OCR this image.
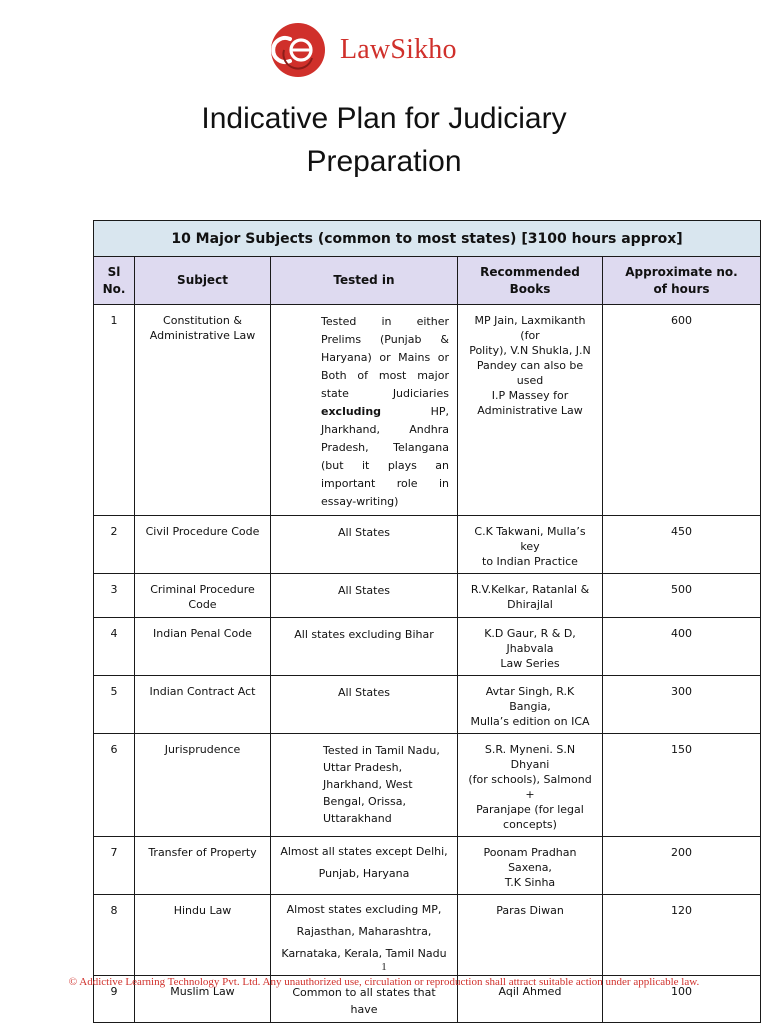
LawSikho
Indicative Plan for Judiciary
Preparation
10 Major Subjects (common to most states) [3100 hours approx]				
Sl
No.	Subject	Tested in	Recommended
Books	Approximate no.
of hours
1	Constitution &
Administrative Law	Tested in either Prelims (Punjab & Haryana) or Mains or Both of most major state Judiciaries excluding HP, Jharkhand, Andhra Pradesh, Telangana (but it plays an important role in essay-writing)	MP Jain, Laxmikanth (for
Polity), V.N Shukla, J.N
Pandey can also be used
I.P Massey for
Administrative Law	600
2	Civil Procedure Code	All States	C.K Takwani, Mulla’s key
to Indian Practice	450
3	Criminal Procedure
Code	All States	R.V.Kelkar, Ratanlal &
Dhirajlal	500
4	Indian Penal Code	All states excluding Bihar	K.D Gaur, R & D, Jhabvala
Law Series	400
5	Indian Contract Act	All States	Avtar Singh, R.K Bangia,
Mulla’s edition on ICA	300
6	Jurisprudence	Tested in Tamil Nadu,
Uttar Pradesh,
Jharkhand, West
Bengal, Orissa,
Uttarakhand	S.R. Myneni. S.N Dhyani
(for schools), Salmond +
Paranjape (for legal
concepts)	150
7	Transfer of Property	Almost all states except Delhi,
Punjab, Haryana	Poonam Pradhan Saxena,
T.K Sinha	200
8	Hindu Law	Almost states excluding MP,
Rajasthan, Maharashtra,
Karnataka, Kerala, Tamil Nadu	Paras Diwan	120
9	Muslim Law	Common to all states that have	Aqil Ahmed	100
1
© Addictive Learning Technology Pvt. Ltd. Any unauthorized use, circulation or reproduction shall attract suitable action under applicable law.
